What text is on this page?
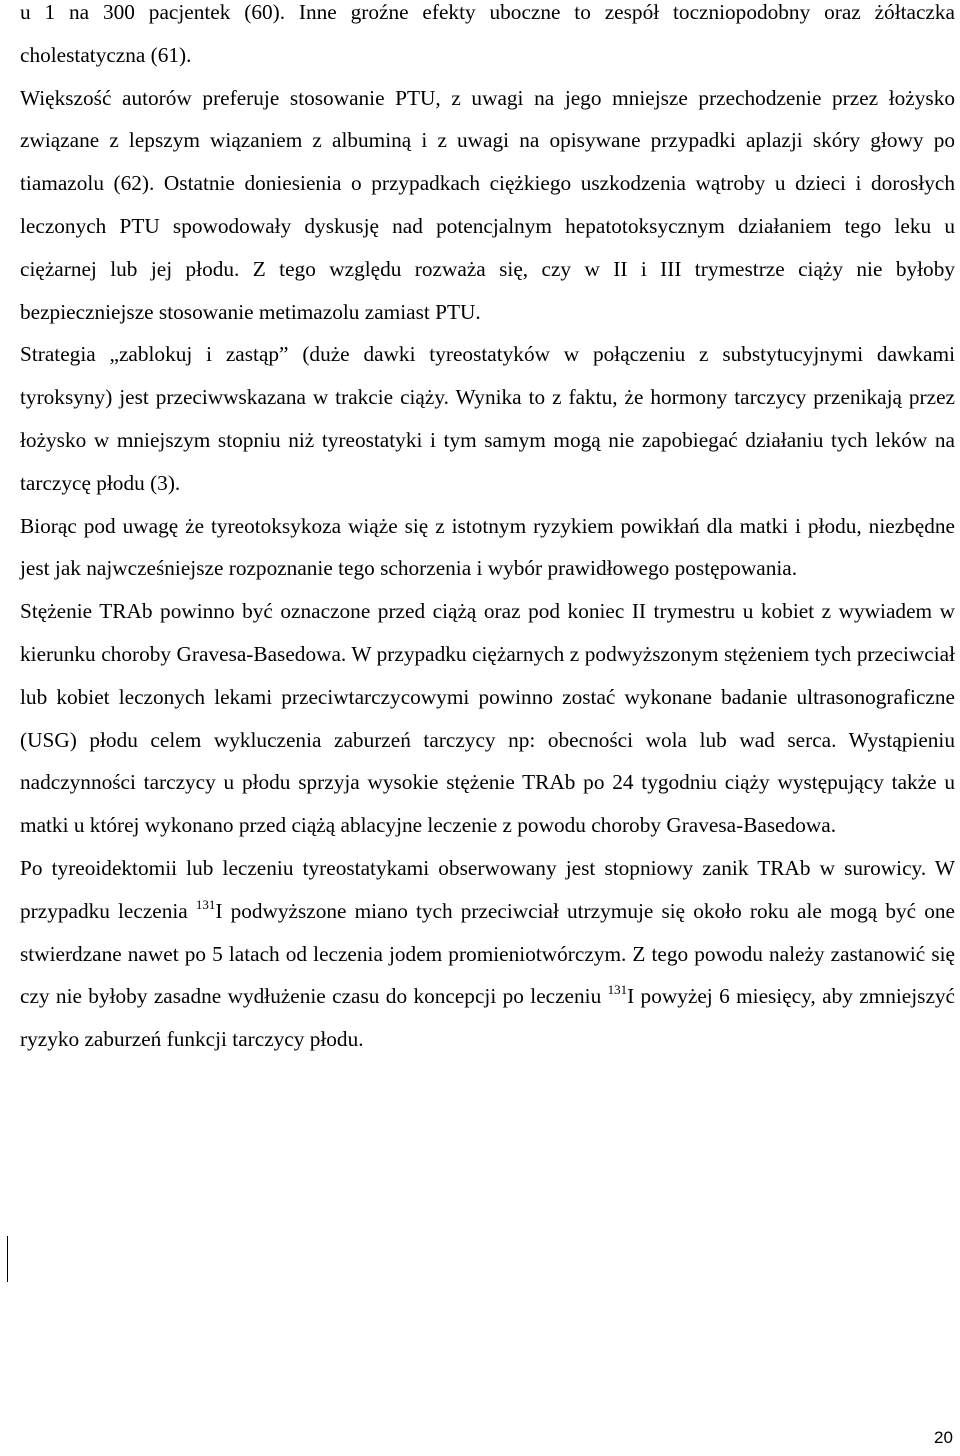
u 1 na 300 pacjentek (60). Inne groźne efekty uboczne to zespół toczniopodobny oraz żółtaczka cholestatyczna (61).

Większość autorów preferuje stosowanie PTU, z uwagi na jego mniejsze przechodzenie przez łożysko związane z lepszym wiązaniem z albuminą i z uwagi na opisywane przypadki aplazji skóry głowy po tiamazolu (62). Ostatnie doniesienia o przypadkach ciężkiego uszkodzenia wątroby u dzieci i dorosłych leczonych PTU spowodowały dyskusję nad potencjalnym hepatotoksycznym działaniem tego leku u ciężarnej lub jej płodu. Z tego względu rozważa się, czy w II i III trymestrze ciąży nie byłoby bezpieczniejsze stosowanie metimazolu zamiast PTU.

Strategia „zablokuj i zastąp” (duże dawki tyreostatyków w połączeniu z substytucyjnymi dawkami tyroksyny) jest przeciwwskazana w trakcie ciąży. Wynika to z faktu, że hormony tarczycy przenikają przez łożysko w mniejszym stopniu niż tyreostatyki i tym samym mogą nie zapobiegać działaniu tych leków na tarczycę płodu (3).

Biorąc pod uwagę że tyreotoksykoza wiąże się z istotnym ryzykiem powikłań dla matki i płodu, niezbędne jest jak najwcześniejsze rozpoznanie tego schorzenia i wybór prawidłowego postępowania.

Stężenie TRAb powinno być oznaczone przed ciążą oraz pod koniec II trymestru u kobiet z wywiadem w kierunku choroby Gravesa-Basedowa. W przypadku ciężarnych z podwyższonym stężeniem tych przeciwciał lub kobiet leczonych lekami przeciwtarczycowymi powinno zostać wykonane badanie ultrasonograficzne (USG) płodu celem wykluczenia zaburzeń tarczycy np: obecności wola lub wad serca. Wystąpieniu nadczynności tarczycy u płodu sprzyja wysokie stężenie TRAb po 24 tygodniu ciąży występujący także u matki u której wykonano przed ciążą ablacyjne leczenie z powodu choroby Gravesa-Basedowa.

Po tyreoidektomii lub leczeniu tyreostatykami obserwowany jest stopniowy zanik TRAb w surowicy. W przypadku leczenia $^{131}$I podwyższone miano tych przeciwciał utrzymuje się około roku ale mogą być one stwierdzane nawet po 5 latach od leczenia jodem promieniotwórczym. Z tego powodu należy zastanowić się czy nie byłoby zasadne wydłużenie czasu do koncepcji po leczeniu $^{131}$I powyżej 6 miesięcy, aby zmniejszyć ryzyko zaburzeń funkcji tarczycy płodu.

20
